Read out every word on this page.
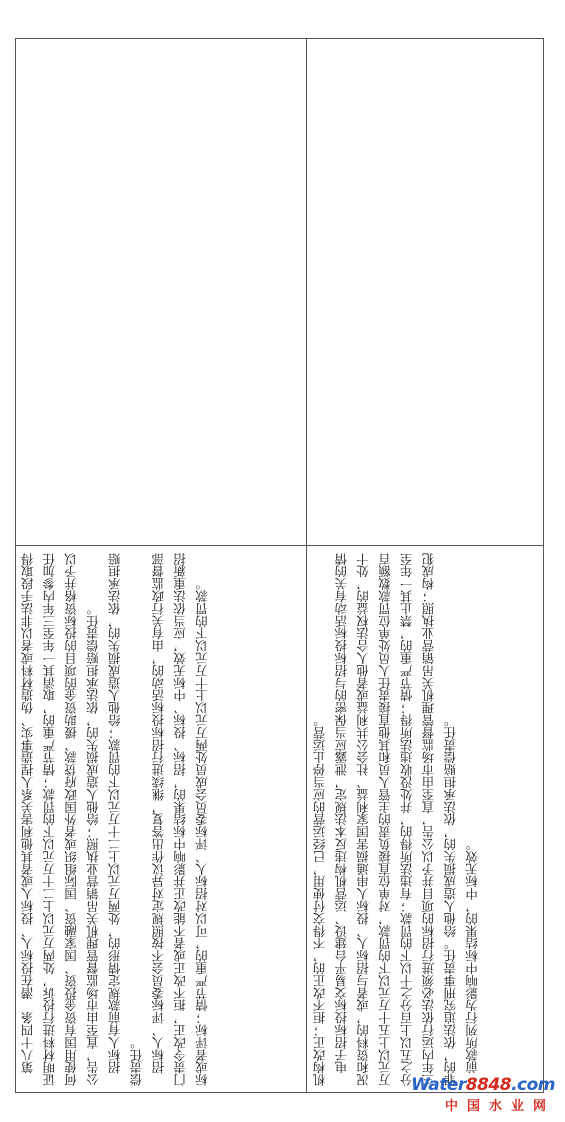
机构改正；拒不改正的，不得交付使用，已经运营的应当停止运营。 　电子招标投标交易平台建设、运营机构违反本法规定，泄露应当保密的与招标投标活动有关的情况和资料的，或者与招标人、投标人串通损害国家利益、社会公共利益或者他人合法权益的，处十万元以上五十万元以下的罚款，对单位直接负责的主管人员和其他直接责任人员处单位罚款数额百分之五以上百分之十以下的罚款；有违法所得的，并处没收违法所得；情节严重的，禁止其一年至三年内运行依法必须进行招标的项目并予以公告，直至由市场监督管理机关吊销营业执照；构成犯罪的，依法追究刑事责任。给他人造成损失的，依法承担赔偿责任。 　前款所列行为影响中标结果的，中标无效。

　第八十四条　潜在投标人、投标人或者其他利害关系人捏造事实、伪造材料或者以非法手段取得证明材料进行投诉，处两万元以上二十万元以下的罚款；情节严重的，取消其一年至三年内参加任何使用国有资金投资、国家融资、国际组织或者外国政府贷款、援助资金的项目的投标资格并予以公告，直至由市场监督管理机关吊销营业执照；给他人造成损失的，依法承担赔偿责任。 　招标人有前款规定情形的，处两万元以上二十万元以下的罚款；给他人造成损失的，依法承担赔偿责任。 　招标人、评标委员会不按照规定对异议作出答复，继续进行招标投标活动的，由有关行政监督部门责令改正，拒不改正或者不能改正并影响中标结果的，招标、投标、中标无效，应当依法重新招标或者评标；情节严重的，可以对招标人、评标委员会成员处两万元以上十万元以下的罚款。	Water8848.com
中国水业网
